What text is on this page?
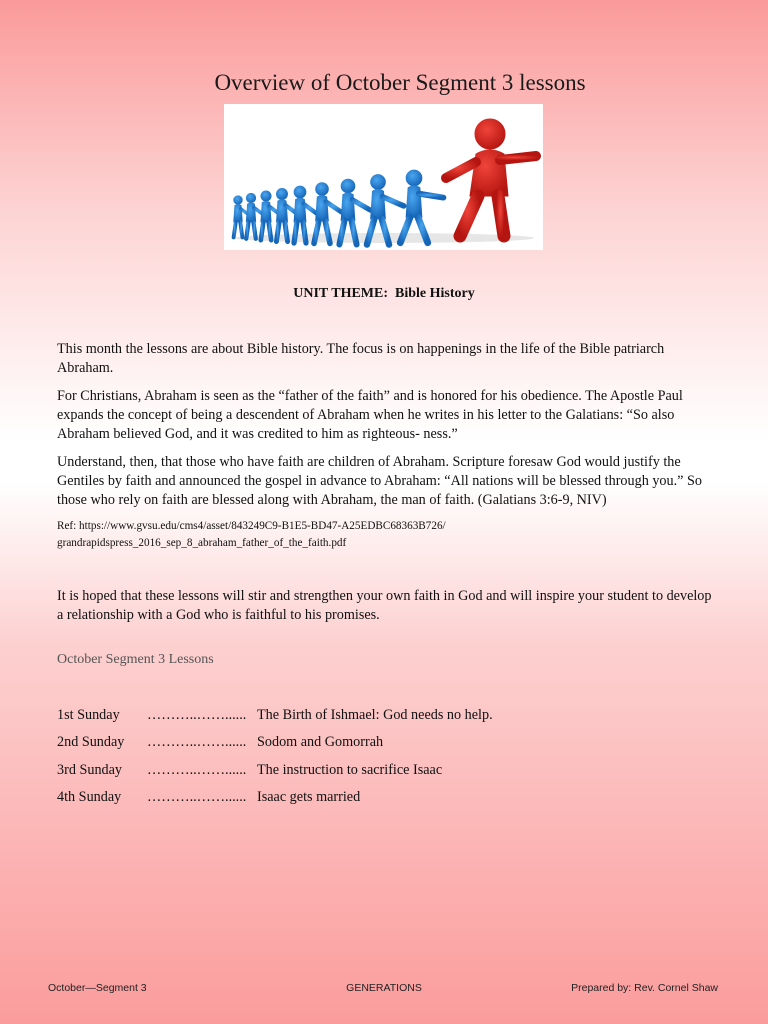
Overview of October Segment 3 lessons
UNIT THEME: Bible History

This month the lessons are about Bible history. The focus is on happenings in the life of the Bible patriarch Abraham.

For Christians, Abraham is seen as the “father of the faith” and is honored for his obedience. The Apostle Paul expands the concept of being a descendent of Abraham when he writes in his letter to the Galatians: “So also Abraham believed God, and it was credited to him as righteous- ness.”

Understand, then, that those who have faith are children of Abraham. Scripture foresaw God would justify the Gentiles by faith and announced the gospel in advance to Abraham: “All nations will be blessed through you.” So those who rely on faith are blessed along with Abraham, the man of faith. (Galatians 3:6-9, NIV)

Ref: https://www.gvsu.edu/cms4/asset/843249C9-B1E5-BD47-A25EDBC68363B726/
grandrapidspress_2016_sep_8_abraham_father_of_the_faith.pdf

It is hoped that these lessons will stir and strengthen your own faith in God and will inspire your student to develop a relationship with a God who is faithful to his promises.

October Segment 3 Lessons
1st Sunday ………..……...... The Birth of Ishmael: God needs no help.
2nd Sunday ………..……...... Sodom and Gomorrah
3rd Sunday ………..……...... The instruction to sacrifice Isaac
4th Sunday ………..……...... Isaac gets married
October—Segment 3	GENERATIONS	Prepared by: Rev. Cornel Shaw
